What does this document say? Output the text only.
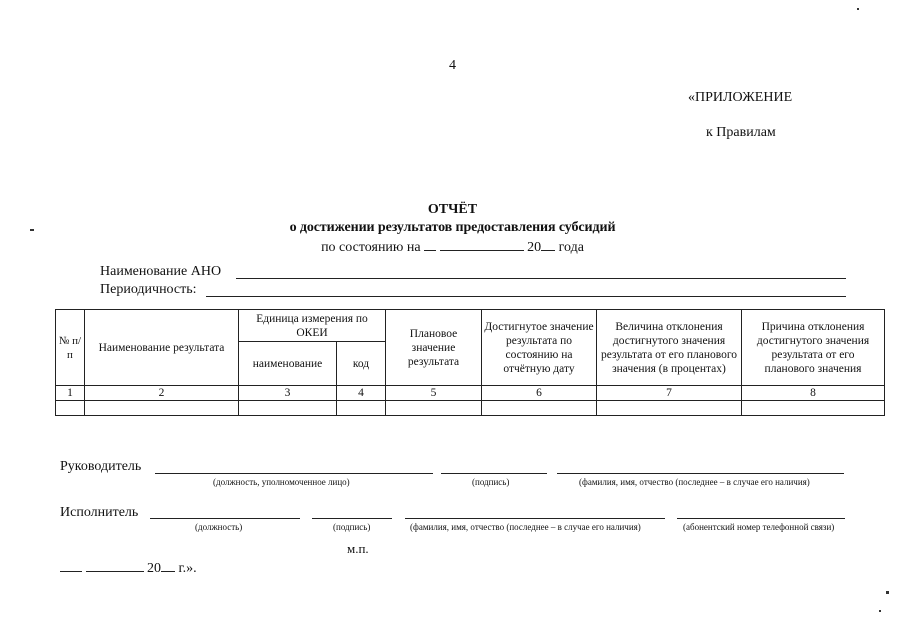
4
«ПРИЛОЖЕНИЕ
к Правилам
ОТЧЁТ
о достижении результатов предоставления субсидий
по состоянию на	20 года
Наименование АНО
Периодичность:
№ п/п	Наименование результата	Единица измерения по ОКЕИ		Плановое значение результата	Достигнутое значение результата по состоянию на отчётную дату	Величина отклонения достигнутого значения результата от его планового значения (в процентах)	Причина отклонения достигнутого значения результата от его планового значения
		наименование	код				
1	2	3	4	5	6	7	8

Руководитель
(должность, уполномоченное лицо)	(подпись)	(фамилия, имя, отчество (последнее – в случае его наличия)
Исполнитель
(должность)	(подпись)	(фамилия, имя, отчество (последнее – в случае его наличия)	(абонентский номер телефонной связи)
м.п.
20 г.».
